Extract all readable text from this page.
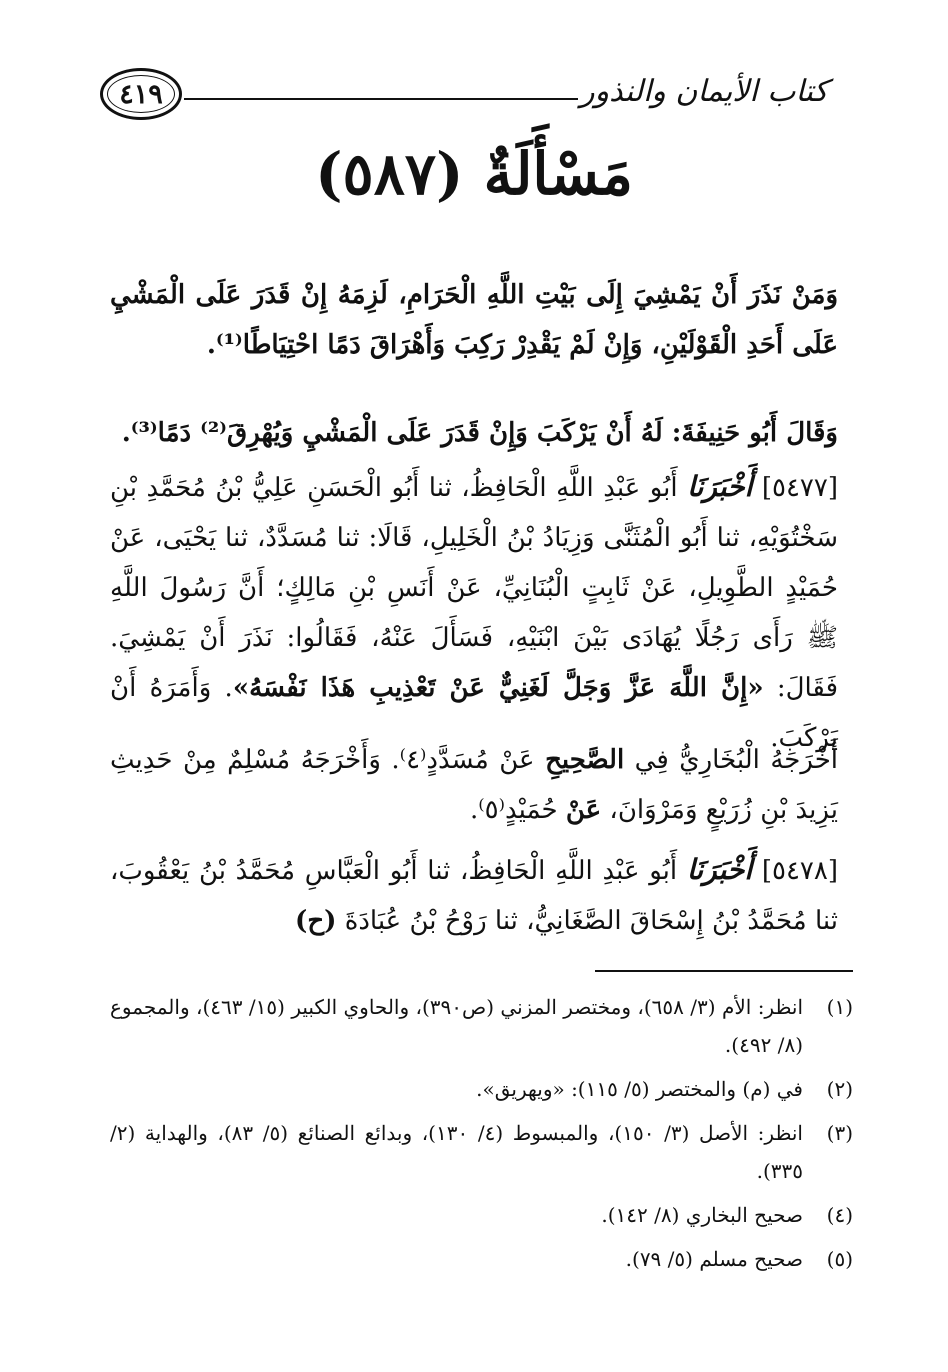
كتاب الأيمان والنذور
٤١٩
مَسْأَلَةٌ (٥٨٧)
وَمَنْ نَذَرَ أَنْ يَمْشِيَ إِلَى بَيْتِ اللَّهِ الْحَرَامِ، لَزِمَهُ إِنْ قَدَرَ عَلَى الْمَشْيِ عَلَى أَحَدِ الْقَوْلَيْنِ، وَإِنْ لَمْ يَقْدِرْ رَكِبَ وَأَهْرَاقَ دَمًا احْتِيَاطًا⁽¹⁾.
وَقَالَ أَبُو حَنِيفَةَ: لَهُ أَنْ يَرْكَبَ وَإِنْ قَدَرَ عَلَى الْمَشْيِ وَيُهْرِقَ⁽²⁾ دَمًا⁽³⁾.

[٥٤٧٧] أَخْبَرَنَا أَبُو عَبْدِ اللَّهِ الْحَافِظُ، ثنا أَبُو الْحَسَنِ عَلِيُّ بْنُ مُحَمَّدِ بْنِ سَخْتُوَيْهِ، ثنا أَبُو الْمُثَنَّى وَزِيَادُ بْنُ الْخَلِيلِ، قَالَا: ثنا مُسَدَّدٌ، ثنا يَحْيَى، عَنْ حُمَيْدٍ الطَّوِيلِ، عَنْ ثَابِتٍ الْبُنَانِيِّ، عَنْ أَنَسِ بْنِ مَالِكٍ؛ أَنَّ رَسُولَ اللَّهِ ﷺ رَأَى رَجُلًا يُهَادَى بَيْنَ ابْنَيْهِ، فَسَأَلَ عَنْهُ، فَقَالُوا: نَذَرَ أَنْ يَمْشِيَ. فَقَالَ: «إِنَّ اللَّهَ عَزَّ وَجَلَّ لَغَنِيٌّ عَنْ تَعْذِيبِ هَذَا نَفْسَهُ». وَأَمَرَهُ أَنْ يَرْكَبَ.

أَخْرَجَهُ الْبُخَارِيُّ فِي الصَّحِيحِ عَنْ مُسَدَّدٍ⁽٤⁾. وَأَخْرَجَهُ مُسْلِمٌ مِنْ حَدِيثِ يَزِيدَ بْنِ زُرَيْعٍ وَمَرْوَانَ، عَنْ حُمَيْدٍ⁽٥⁾.

[٥٤٧٨] أَخْبَرَنَا أَبُو عَبْدِ اللَّهِ الْحَافِظُ، ثنا أَبُو الْعَبَّاسِ مُحَمَّدُ بْنُ يَعْقُوبَ، ثنا مُحَمَّدُ بْنُ إِسْحَاقَ الصَّغَانِيُّ، ثنا رَوْحُ بْنُ عُبَادَةَ (ح)

(١)
انظر: الأم (٣/ ٦٥٨)، ومختصر المزني (ص٣٩٠)، والحاوي الكبير (١٥/ ٤٦٣)، والمجموع (٨/ ٤٩٢).
(٢)
في (م) والمختصر (٥/ ١١٥): «ويهريق».
(٣)
انظر: الأصل (٣/ ١٥٠)، والمبسوط (٤/ ١٣٠)، وبدائع الصنائع (٥/ ٨٣)، والهداية (٢/ ٣٣٥).
(٤)
صحيح البخاري (٨/ ١٤٢).
(٥)
صحيح مسلم (٥/ ٧٩).
